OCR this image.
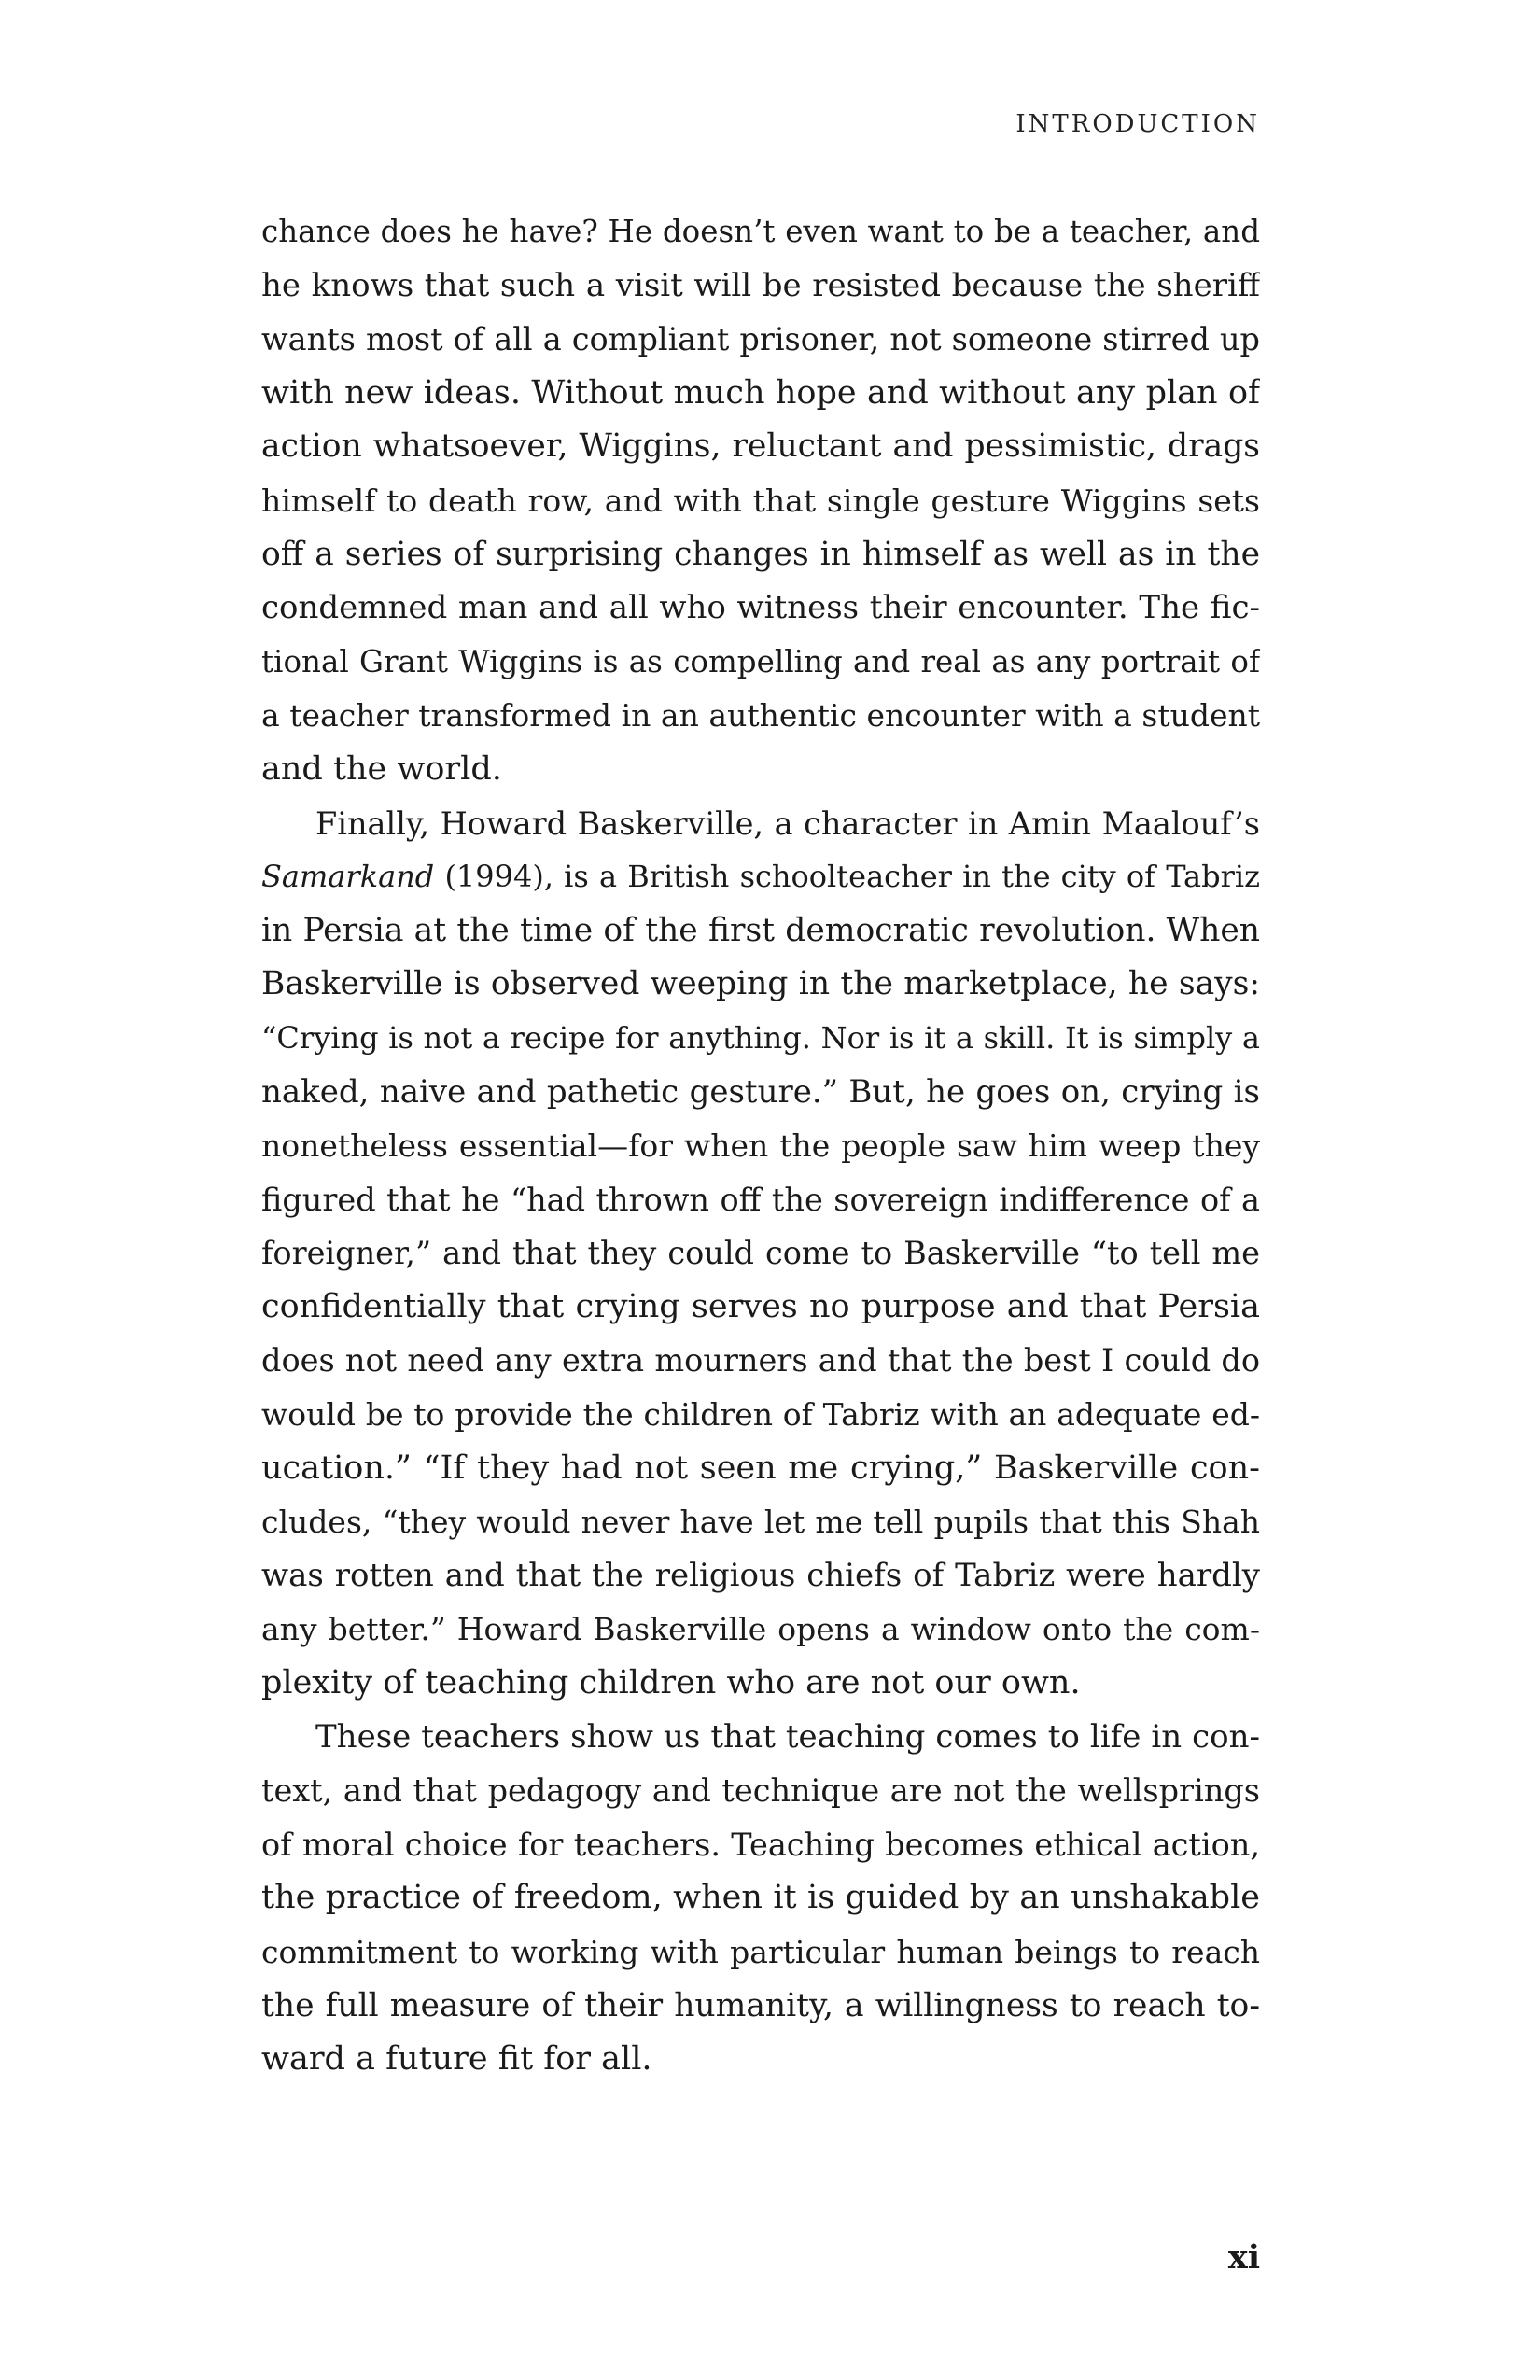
INTRODUCTION
chance does he have? He doesn’t even want to be a teacher, and
he knows that such a visit will be resisted because the sheriff
wants most of all a compliant prisoner, not someone stirred up
with new ideas. Without much hope and without any plan of
action whatsoever, Wiggins, reluctant and pessimistic, drags
himself to death row, and with that single gesture Wiggins sets
off a series of surprising changes in himself as well as in the
condemned man and all who witness their encounter. The fic-
tional Grant Wiggins is as compelling and real as any portrait of
a teacher transformed in an authentic encounter with a student
and the world.
Finally, Howard Baskerville, a character in Amin Maalouf’s
Samarkand (1994), is a British schoolteacher in the city of Tabriz
in Persia at the time of the first democratic revolution. When
Baskerville is observed weeping in the marketplace, he says:
“Crying is not a recipe for anything. Nor is it a skill. It is simply a
naked, naive and pathetic gesture.” But, he goes on, crying is
nonetheless essential—for when the people saw him weep they
figured that he “had thrown off the sovereign indifference of a
foreigner,” and that they could come to Baskerville “to tell me
confidentially that crying serves no purpose and that Persia
does not need any extra mourners and that the best I could do
would be to provide the children of Tabriz with an adequate ed-
ucation.” “If they had not seen me crying,” Baskerville con-
cludes, “they would never have let me tell pupils that this Shah
was rotten and that the religious chiefs of Tabriz were hardly
any better.” Howard Baskerville opens a window onto the com-
plexity of teaching children who are not our own.
These teachers show us that teaching comes to life in con-
text, and that pedagogy and technique are not the wellsprings
of moral choice for teachers. Teaching becomes ethical action,
the practice of freedom, when it is guided by an unshakable
commitment to working with particular human beings to reach
the full measure of their humanity, a willingness to reach to-
ward a future fit for all.
xi
